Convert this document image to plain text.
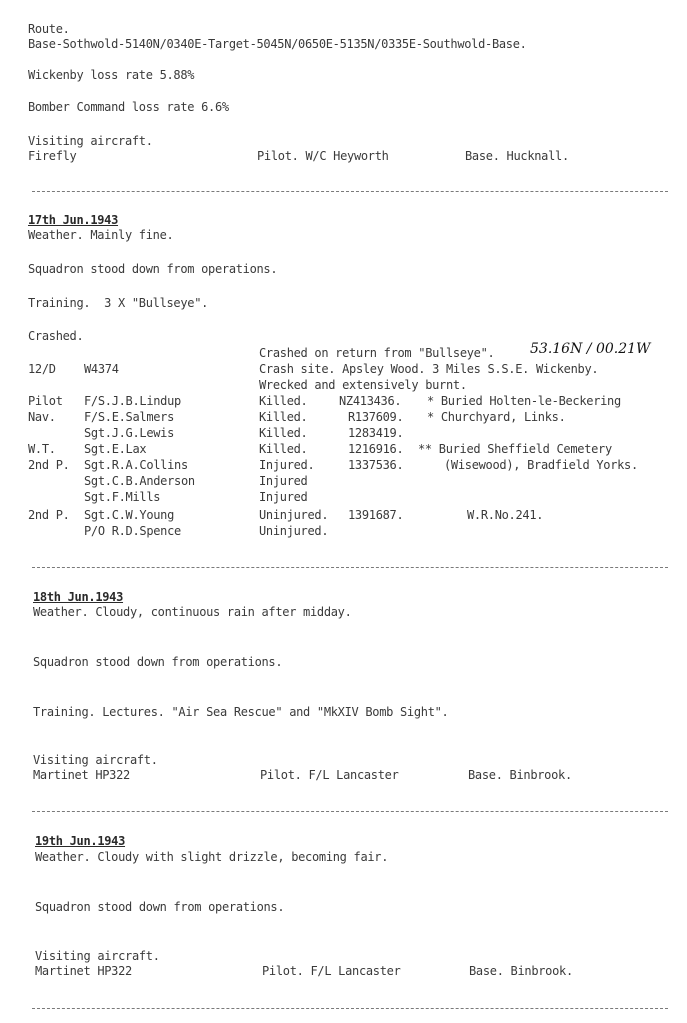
Route.
Base-Sothwold-5140N/0340E-Target-5045N/0650E-5135N/0335E-Southwold-Base.
Wickenby loss rate 5.88%
Bomber Command loss rate 6.6%
Visiting aircraft.
Firefly	Pilot. W/C Heyworth	Base. Hucknall.
17th Jun.1943
Weather. Mainly fine.
Squadron stood down from operations.
Training.  3 X "Bullseye".
Crashed.
Crashed on return from "Bullseye".	53.16N / 00.21W
12/D W4374	Crash site. Apsley Wood. 3 Miles S.S.E. Wickenby.
Wrecked and extensively burnt.
Pilot F/S.J.B.Lindup	Killed.	NZ413436. * Buried Holten-le-Beckering
Nav. F/S.E.Salmers	Killed.	R137609. * Churchyard, Links.
Sgt.J.G.Lewis	Killed.	1283419.
W.T. Sgt.E.Lax	Killed.	1216916. ** Buried Sheffield Cemetery
2nd P. Sgt.R.A.Collins	Injured.	1337536.	(Wisewood), Bradfield Yorks.
Sgt.C.B.Anderson	Injured
Sgt.F.Mills	Injured
2nd P. Sgt.C.W.Young	Uninjured. 1391687.	W.R.No.241.
P/O R.D.Spence	Uninjured.
18th Jun.1943
Weather. Cloudy, continuous rain after midday.
Squadron stood down from operations.
Training. Lectures. "Air Sea Rescue" and "MkXIV Bomb Sight".
Visiting aircraft.
Martinet HP322	Pilot. F/L Lancaster	Base. Binbrook.
19th Jun.1943
Weather. Cloudy with slight drizzle, becoming fair.
Squadron stood down from operations.
Visiting aircraft.
Martinet HP322	Pilot. F/L Lancaster	Base. Binbrook.
